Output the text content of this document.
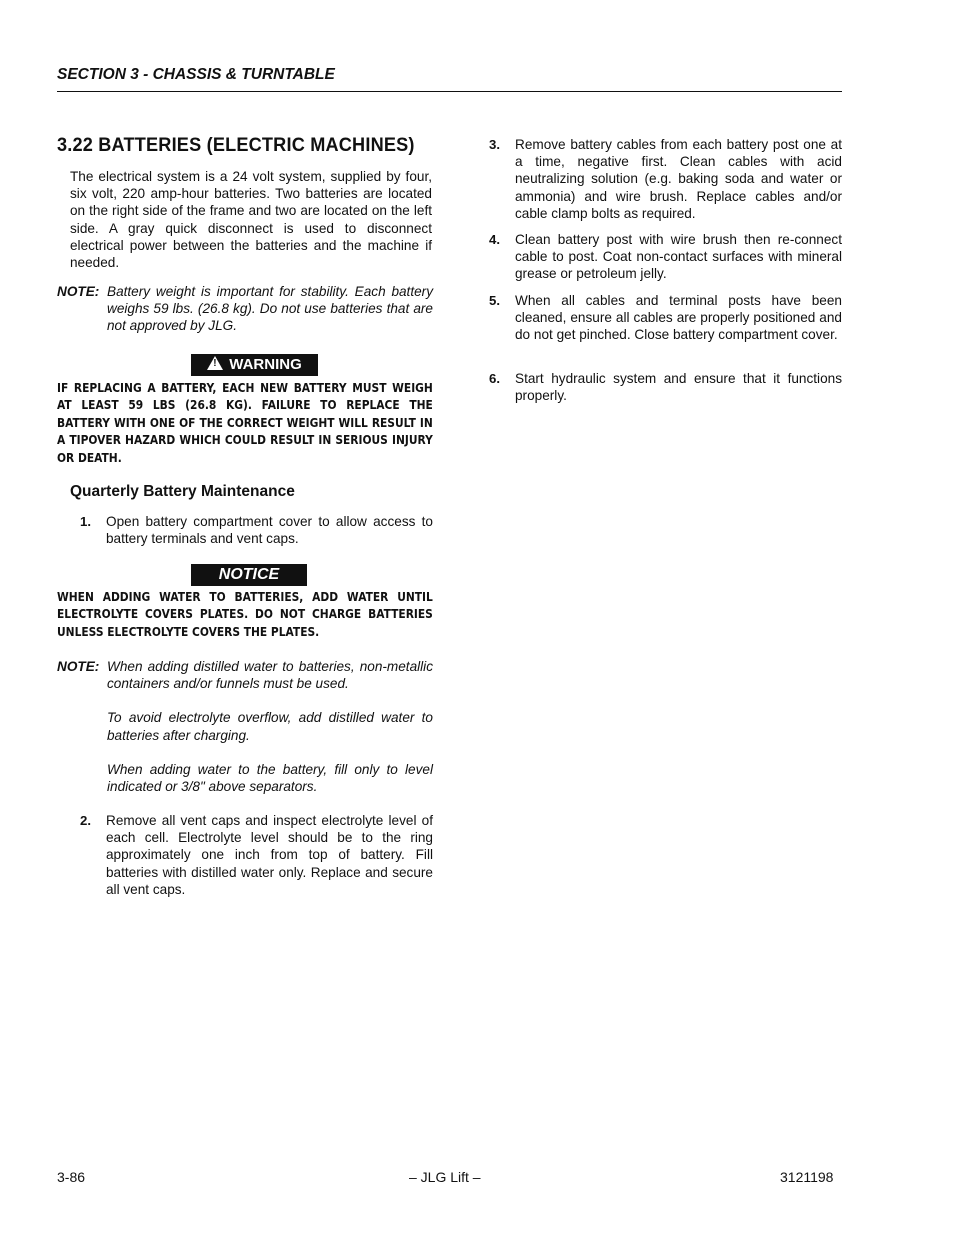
SECTION 3 - CHASSIS & TURNTABLE
3.22 BATTERIES (ELECTRIC MACHINES)

The electrical system is a 24 volt system, supplied by four, six volt, 220 amp-hour batteries. Two batteries are located on the right side of the frame and two are located on the left side. A gray quick disconnect is used to disconnect electrical power between the batteries and the machine if needed.

NOTE: Battery weight is important for stability. Each battery weighs 59 lbs. (26.8 kg). Do not use batteries that are not approved by JLG.

! WARNING
IF REPLACING A BATTERY, EACH NEW BATTERY MUST WEIGH AT LEAST 59 LBS (26.8 KG). FAILURE TO REPLACE THE BATTERY WITH ONE OF THE CORRECT WEIGHT WILL RESULT IN A TIPOVER HAZARD WHICH COULD RESULT IN SERIOUS INJURY OR DEATH.
Quarterly Battery Maintenance
1. Open battery compartment cover to allow access to battery terminals and vent caps.

NOTICE
WHEN ADDING WATER TO BATTERIES, ADD WATER UNTIL ELECTROLYTE COVERS PLATES. DO NOT CHARGE BATTERIES UNLESS ELECTROLYTE COVERS THE PLATES.
NOTE: When adding distilled water to batteries, non-metallic containers and/or funnels must be used.

To avoid electrolyte overflow, add distilled water to batteries after charging.

When adding water to the battery, fill only to level indicated or 3/8" above separators.

2. Remove all vent caps and inspect electrolyte level of each cell. Electrolyte level should be to the ring approximately one inch from top of battery. Fill batteries with distilled water only. Replace and secure all vent caps.

3. Remove battery cables from each battery post one at a time, negative first. Clean cables with acid neutralizing solution (e.g. baking soda and water or ammonia) and wire brush. Replace cables and/or cable clamp bolts as required.

4. Clean battery post with wire brush then re-connect cable to post. Coat non-contact surfaces with mineral grease or petroleum jelly.

5. When all cables and terminal posts have been cleaned, ensure all cables are properly positioned and do not get pinched. Close battery compartment cover.

6. Start hydraulic system and ensure that it functions properly.

3-86	– JLG Lift –	3121198
